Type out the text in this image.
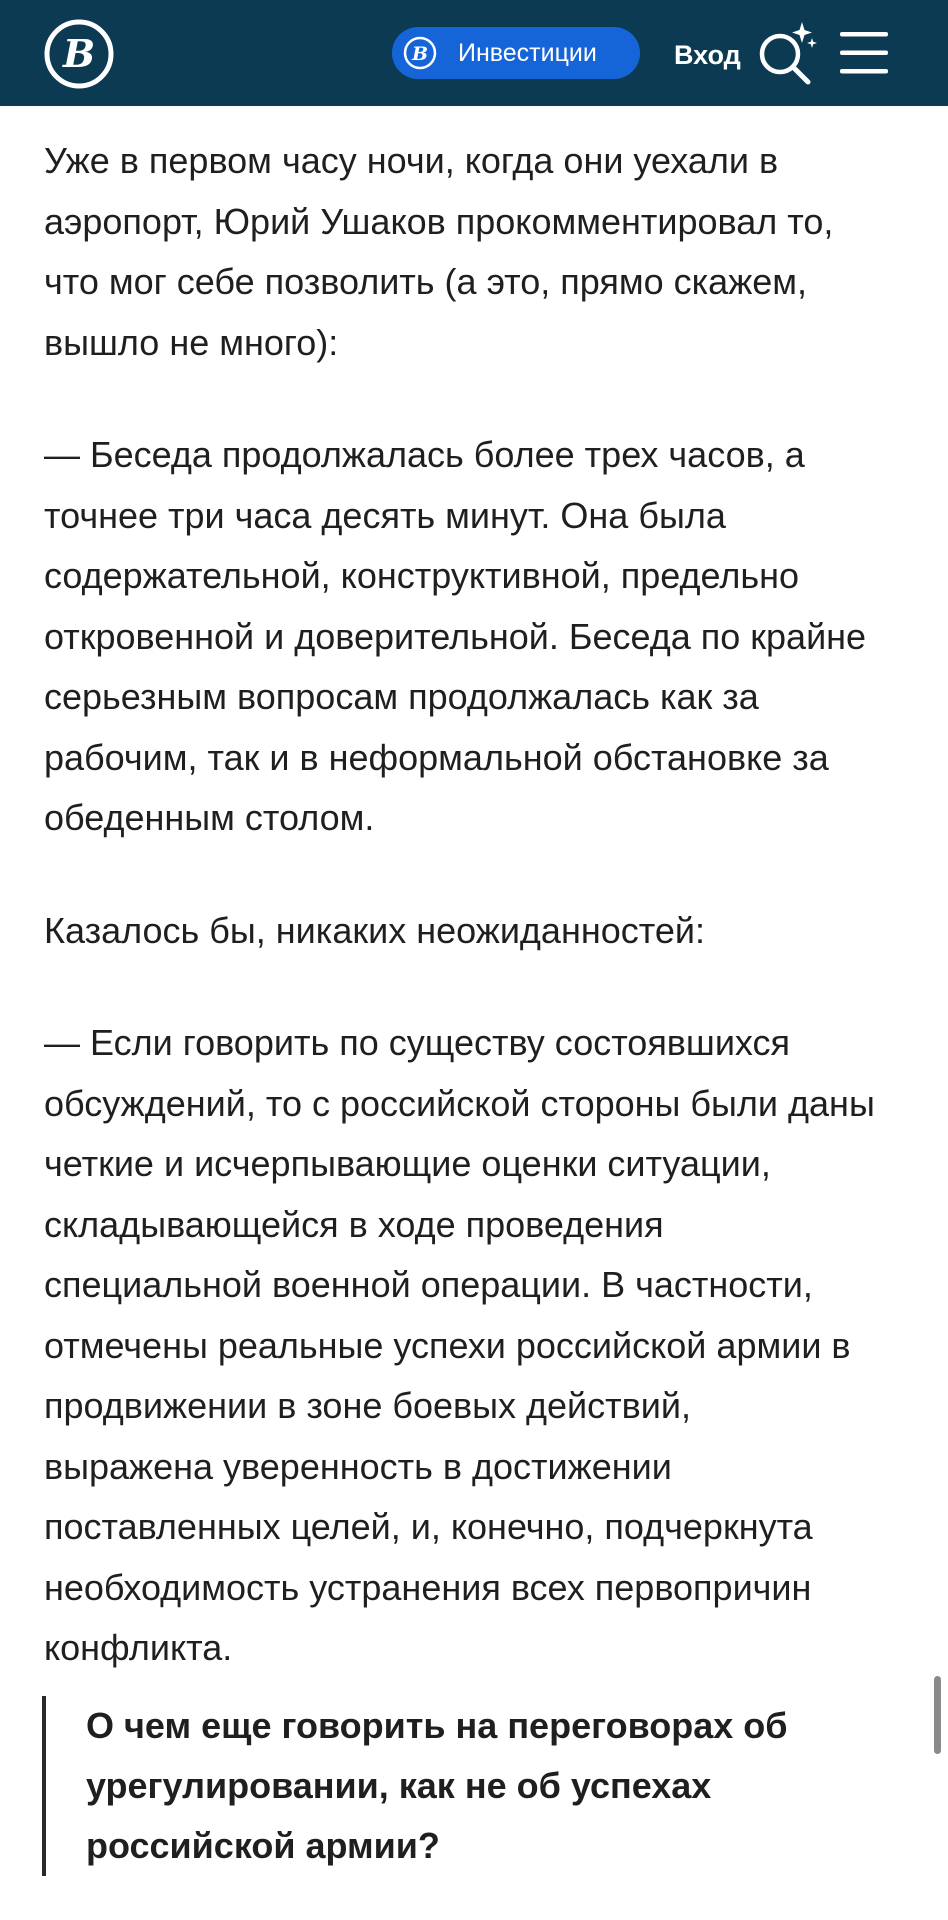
В	В Инвестиции	Вход

Уже в первом часу ночи, когда они уехали в
аэропорт, Юрий Ушаков прокомментировал то,
что мог себе позволить (а это, прямо скажем,
вышло не много):

— Беседа продолжалась более трех часов, а
точнее три часа десять минут. Она была
содержательной, конструктивной, предельно
откровенной и доверительной. Беседа по крайне
серьезным вопросам продолжалась как за
рабочим, так и в неформальной обстановке за
обеденным столом.

Казалось бы, никаких неожиданностей:

— Если говорить по существу состоявшихся
обсуждений, то с российской стороны были даны
четкие и исчерпывающие оценки ситуации,
складывающейся в ходе проведения
специальной военной операции. В частности,
отмечены реальные успехи российской армии в
продвижении в зоне боевых действий,
выражена уверенность в достижении
поставленных целей, и, конечно, подчеркнута
необходимость устранения всех первопричин
конфликта.

О чем еще говорить на переговорах об
урегулировании, как не об успехах
российской армии?
